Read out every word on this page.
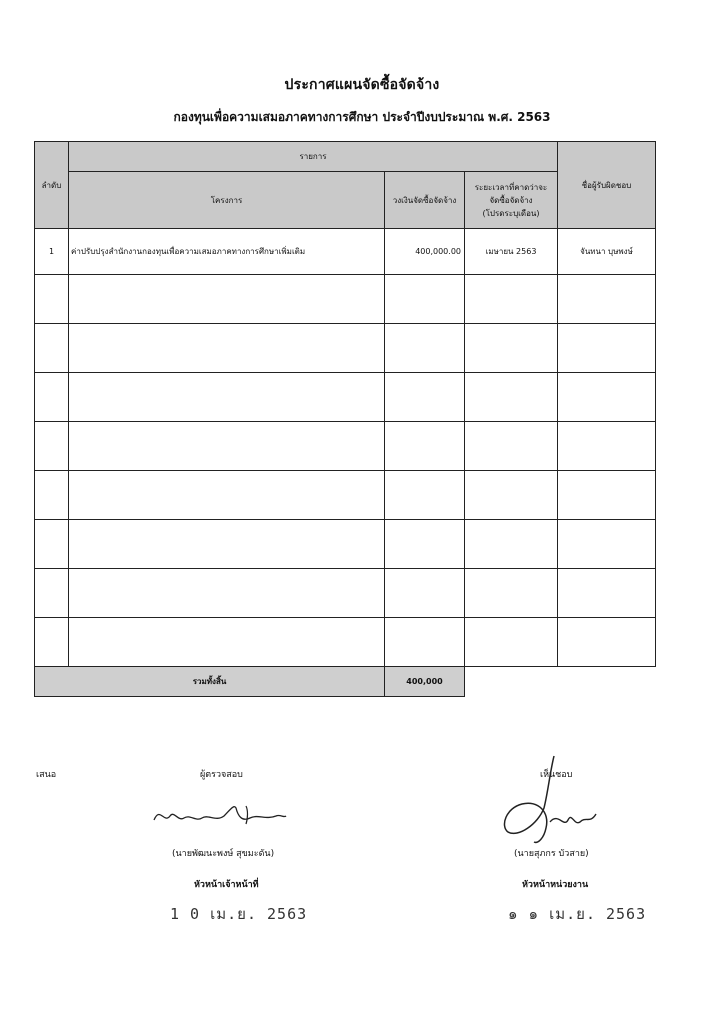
ประกาศแผนจัดซื้อจัดจ้าง
กองทุนเพื่อความเสมอภาคทางการศึกษา ประจำปีงบประมาณ พ.ศ. 2563
ลำดับ	รายการ			ชื่อผู้รับผิดชอบ
	โครงการ	วงเงินจัดซื้อจัดจ้าง	ระยะเวลาที่คาดว่าจะ
จัดซื้อจัดจ้าง
(โปรดระบุเดือน)	

1	ค่าปรับปรุงสำนักงานกองทุนเพื่อความเสมอภาคทางการศึกษาเพิ่มเติม	400,000.00	เมษายน 2563	จันทนา บุษพงษ์

รวมทั้งสิ้น		400,000		
เสนอ	ผู้ตรวจสอบ
(นายพัฒนะพงษ์ สุขมะดัน)
หัวหน้าเจ้าหน้าที่
1 0 เม.ย. 2563
เห็นชอบ
(นายสุภกร บัวสาย)
หัวหน้าหน่วยงาน
๑ ๑ เม.ย. 2563
